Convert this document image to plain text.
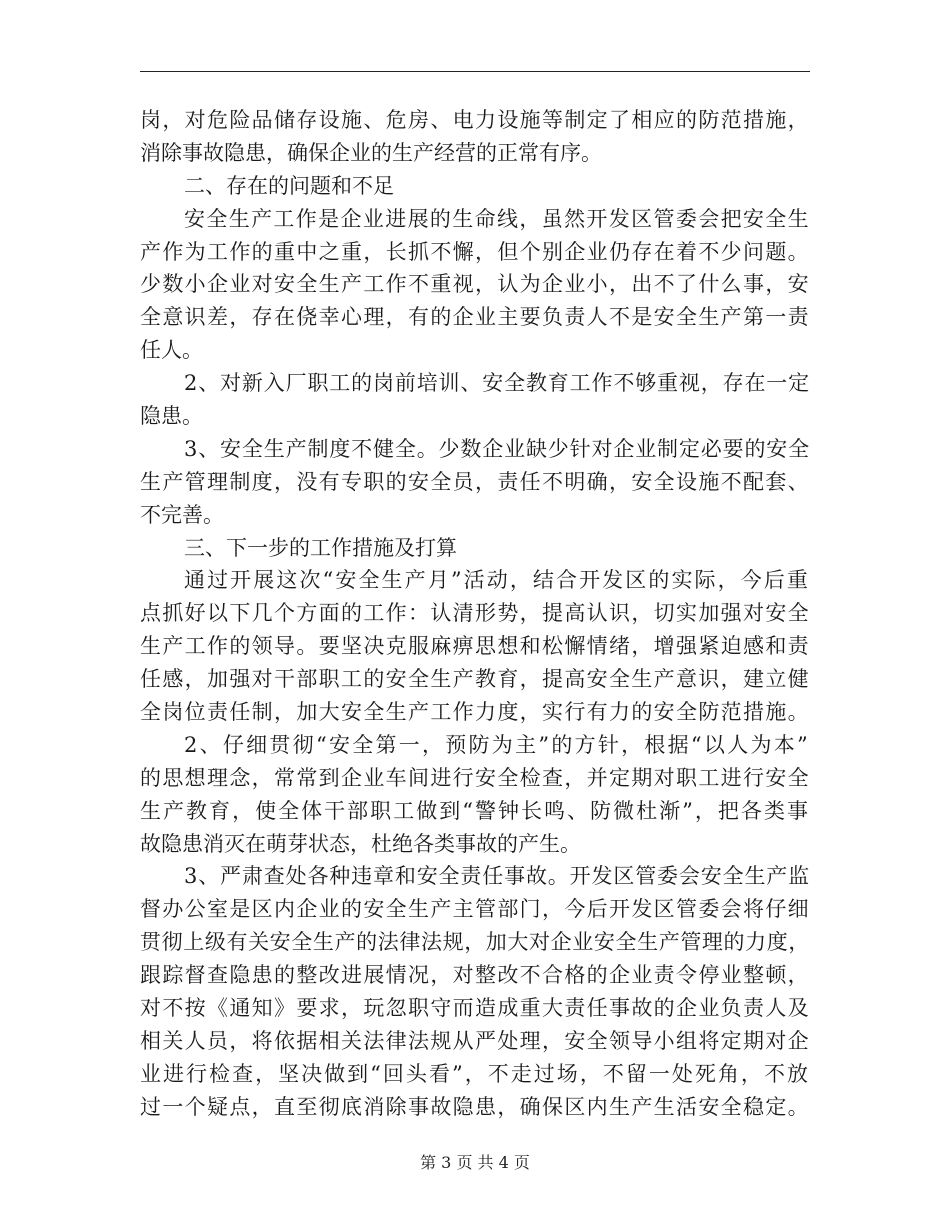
岗，对危险品储存设施、危房、电力设施等制定了相应的防范措施，
消除事故隐患，确保企业的生产经营的正常有序。
二、存在的问题和不足
安全生产工作是企业进展的生命线，虽然开发区管委会把安全生
产作为工作的重中之重，长抓不懈，但个别企业仍存在着不少问题。
少数小企业对安全生产工作不重视，认为企业小，出不了什么事，安
全意识差，存在侥幸心理，有的企业主要负责人不是安全生产第一责
任人。
2、对新入厂职工的岗前培训、安全教育工作不够重视，存在一定
隐患。
3、安全生产制度不健全。少数企业缺少针对企业制定必要的安全
生产管理制度，没有专职的安全员，责任不明确，安全设施不配套、
不完善。
三、下一步的工作措施及打算
通过开展这次“安全生产月”活动，结合开发区的实际，今后重
点抓好以下几个方面的工作：认清形势，提高认识，切实加强对安全
生产工作的领导。要坚决克服麻痹思想和松懈情绪，增强紧迫感和责
任感，加强对干部职工的安全生产教育，提高安全生产意识，建立健
全岗位责任制，加大安全生产工作力度，实行有力的安全防范措施。
2、仔细贯彻“安全第一，预防为主”的方针，根据“以人为本”
的思想理念，常常到企业车间进行安全检查，并定期对职工进行安全
生产教育，使全体干部职工做到“警钟长鸣、防微杜渐”，把各类事
故隐患消灭在萌芽状态，杜绝各类事故的产生。
3、严肃查处各种违章和安全责任事故。开发区管委会安全生产监
督办公室是区内企业的安全生产主管部门，今后开发区管委会将仔细
贯彻上级有关安全生产的法律法规，加大对企业安全生产管理的力度，
跟踪督查隐患的整改进展情况，对整改不合格的企业责令停业整顿，
对不按《通知》要求，玩忽职守而造成重大责任事故的企业负责人及
相关人员，将依据相关法律法规从严处理，安全领导小组将定期对企
业进行检查，坚决做到“回头看”，不走过场，不留一处死角，不放
过一个疑点，直至彻底消除事故隐患，确保区内生产生活安全稳定。
第 3 页 共 4 页
